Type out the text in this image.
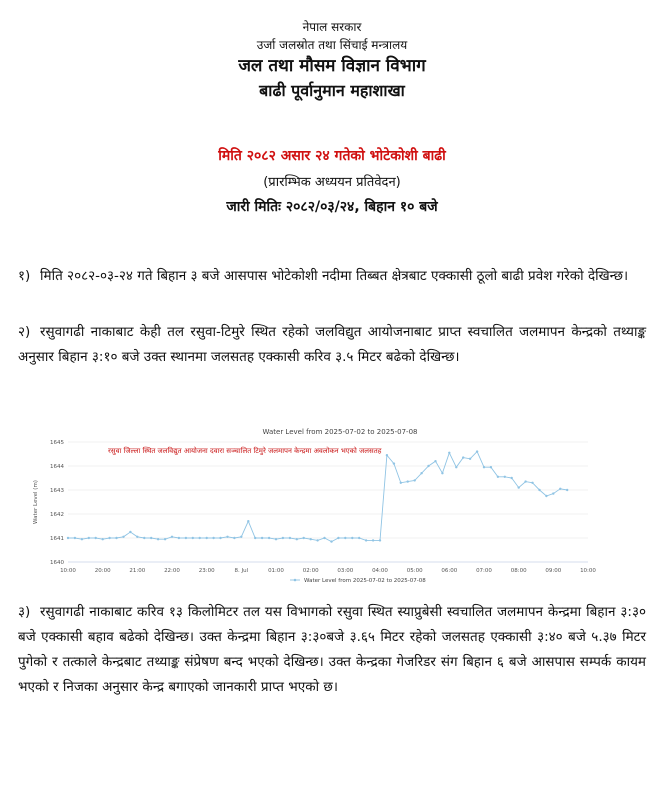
नेपाल सरकार
उर्जा जलस्रोत तथा सिंचाई मन्त्रालय
जल तथा मौसम विज्ञान विभाग
बाढी पूर्वानुमान महाशाखा
मिति २०८२ असार २४ गतेको भोटेकोशी बाढी
(प्रारम्भिक अध्ययन प्रतिवेदन)
जारी मितिः २०८२/०३/२४, बिहान १० बजे
१) मिति २०८२-०३-२४ गते बिहान ३ बजे आसपास भोटेकोशी नदीमा तिब्बत क्षेत्रबाट एक्कासी ठूलो बाढी प्रवेश गरेको देखिन्छ।
२) रसुवागढी नाकाबाट केही तल रसुवा-टिमुरे स्थित रहेको जलविद्युत आयोजनाबाट प्राप्त स्वचालित जलमापन केन्द्रको तथ्याङ्क अनुसार बिहान ३:१० बजे उक्त स्थानमा जलसतह एक्कासी करिव ३.५ मिटर बढेको देखिन्छ।
Water Level from 2025-07-02 to 2025-07-08
रसुवा जिल्ला स्थित जलविद्युत आयोजना दवारा सञ्चालित टिमुरे जलमापन केन्द्रमा अवलोकन भएको जलसतह
Water Level (m)
1640
1641
1642
1643
1644
1645
10:00	20:00	21:00	22:00	23:00	8. Jul	01:00	02:00	03:00	04:00	05:00	06:00	07:00	08:00	09:00	10:00
Water Level from 2025-07-02 to 2025-07-08
३) रसुवागढी नाकाबाट करिव १३ किलोमिटर तल यस विभागको रसुवा स्थित स्याप्रुबेसी स्वचालित जलमापन केन्द्रमा बिहान ३:३० बजे एक्कासी बहाव बढेको देखिन्छ। उक्त केन्द्रमा बिहान ३:३०बजे ३.६५ मिटर रहेको जलसतह एक्कासी ३:४० बजे ५.३७ मिटर पुगेको र तत्काले केन्द्रबाट तथ्याङ्क संप्रेषण बन्द भएको देखिन्छ। उक्त केन्द्रका गेजरिडर संग बिहान ६ बजे आसपास सम्पर्क कायम भएको र निजका अनुसार केन्द्र बगाएको जानकारी प्राप्त भएको छ।
